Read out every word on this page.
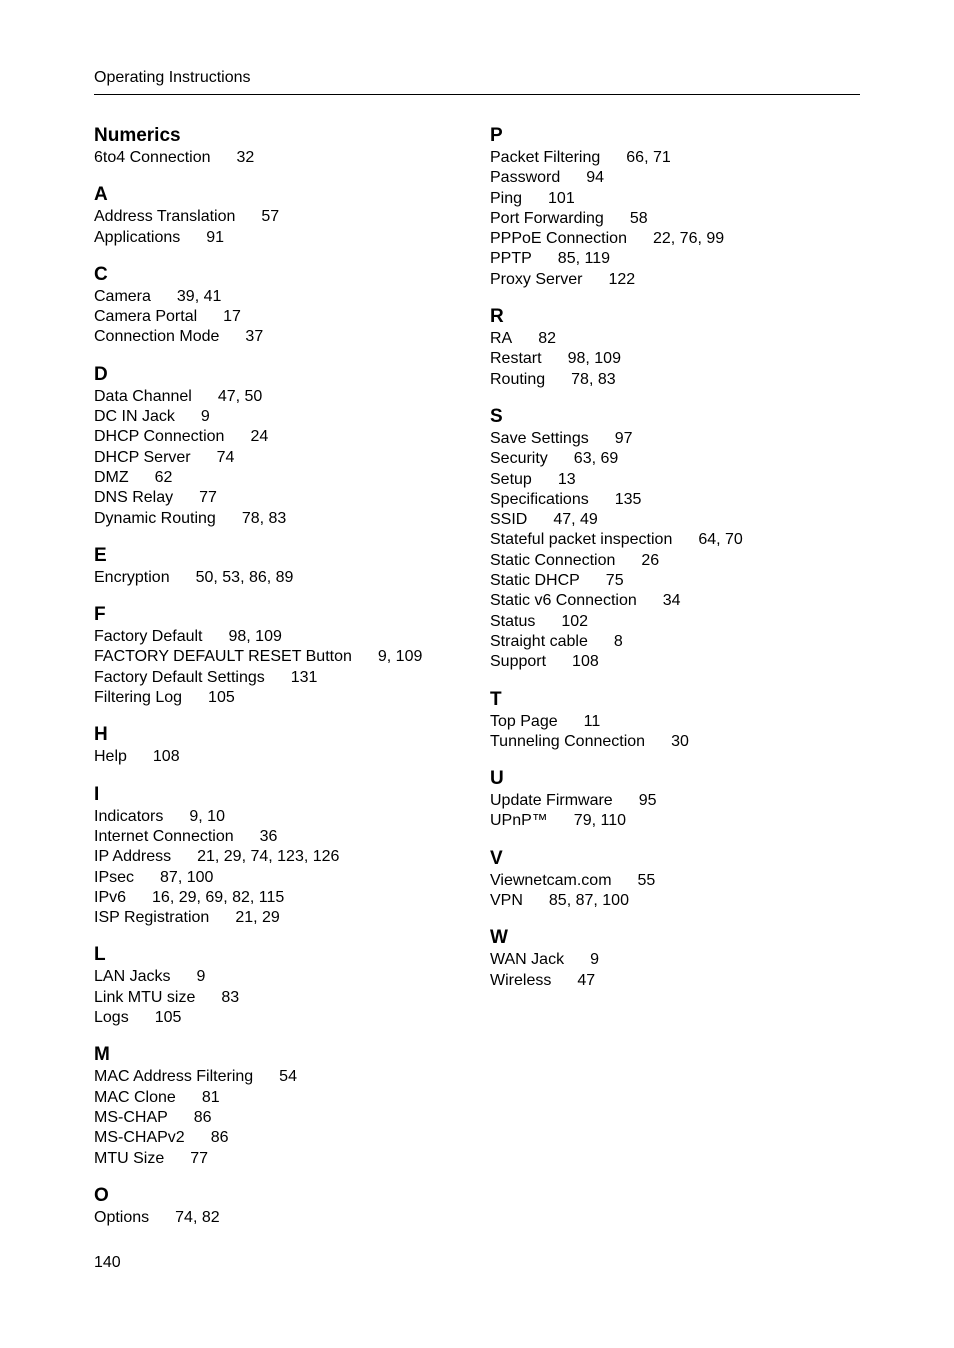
Operating Instructions
Numerics
6to4 Connection 32
A
Address Translation 57
Applications 91
C
Camera 39, 41
Camera Portal 17
Connection Mode 37
D
Data Channel 47, 50
DC IN Jack 9
DHCP Connection 24
DHCP Server 74
DMZ 62
DNS Relay 77
Dynamic Routing 78, 83
E
Encryption 50, 53, 86, 89
F
Factory Default 98, 109
FACTORY DEFAULT RESET Button 9, 109
Factory Default Settings 131
Filtering Log 105
H
Help 108
I
Indicators 9, 10
Internet Connection 36
IP Address 21, 29, 74, 123, 126
IPsec 87, 100
IPv6 16, 29, 69, 82, 115
ISP Registration 21, 29
L
LAN Jacks 9
Link MTU size 83
Logs 105
M
MAC Address Filtering 54
MAC Clone 81
MS-CHAP 86
MS-CHAPv2 86
MTU Size 77
O
Options 74, 82
P
Packet Filtering 66, 71
Password 94
Ping 101
Port Forwarding 58
PPPoE Connection 22, 76, 99
PPTP 85, 119
Proxy Server 122
R
RA 82
Restart 98, 109
Routing 78, 83
S
Save Settings 97
Security 63, 69
Setup 13
Specifications 135
SSID 47, 49
Stateful packet inspection 64, 70
Static Connection 26
Static DHCP 75
Static v6 Connection 34
Status 102
Straight cable 8
Support 108
T
Top Page 11
Tunneling Connection 30
U
Update Firmware 95
UPnP™ 79, 110
V
Viewnetcam.com 55
VPN 85, 87, 100
W
WAN Jack 9
Wireless 47
140
